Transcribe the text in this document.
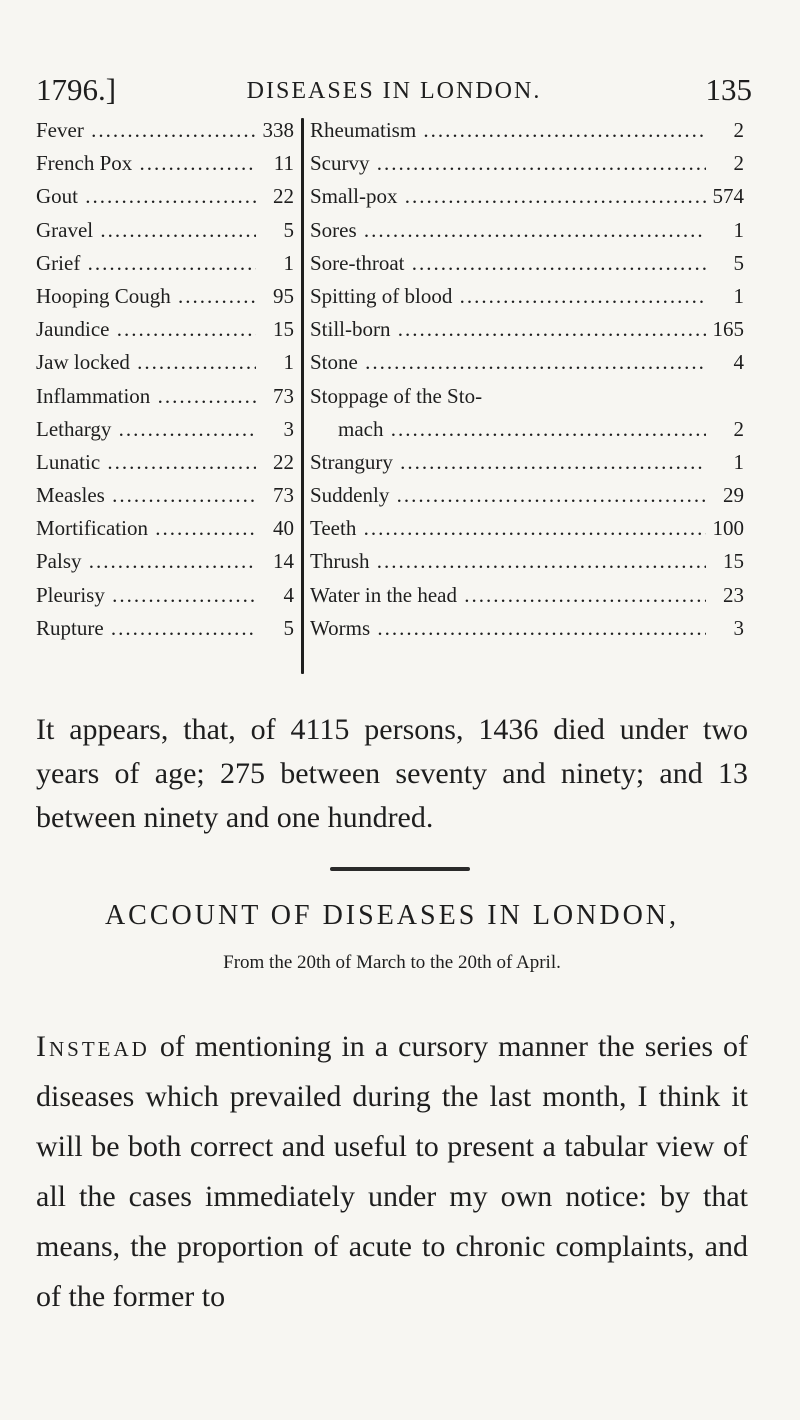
1796.]	DISEASES IN LONDON.	135
Fever .....	338
French Pox .....	11
Gout .....	22
Gravel .....	5
Grief .....	1
Hooping Cough .....	95
Jaundice .....	15
Jaw locked .....	1
Inflammation .....	73
Lethargy .....	3
Lunatic .....	22
Measles .....	73
Mortification .....	40
Palsy .....	14
Pleurisy .....	4
Rupture .....	5
Rheumatism .....	2
Scurvy .....	2
Small-pox .....	574
Sores .....	1
Sore-throat .....	5
Spitting of blood .....	1
Still-born .....	165
Stone .....	4
Stoppage of the Sto-
mach .....	2
Strangury .....	1
Suddenly .....	29
Teeth .....	100
Thrush .....	15
Water in the head .....	23
Worms .....	3

It appears, that, of 4115 persons, 1436 died under two years of age; 275 between seventy and ninety; and 13 between ninety and one hundred.

ACCOUNT OF DISEASES IN LONDON,
From the 20th of March to the 20th of April.

Instead of mentioning in a cursory manner the series of diseases which prevailed during the last month, I think it will be both correct and useful to present a tabular view of all the cases immediately under my own notice: by that means, the proportion of acute to chronic complaints, and of the former to
